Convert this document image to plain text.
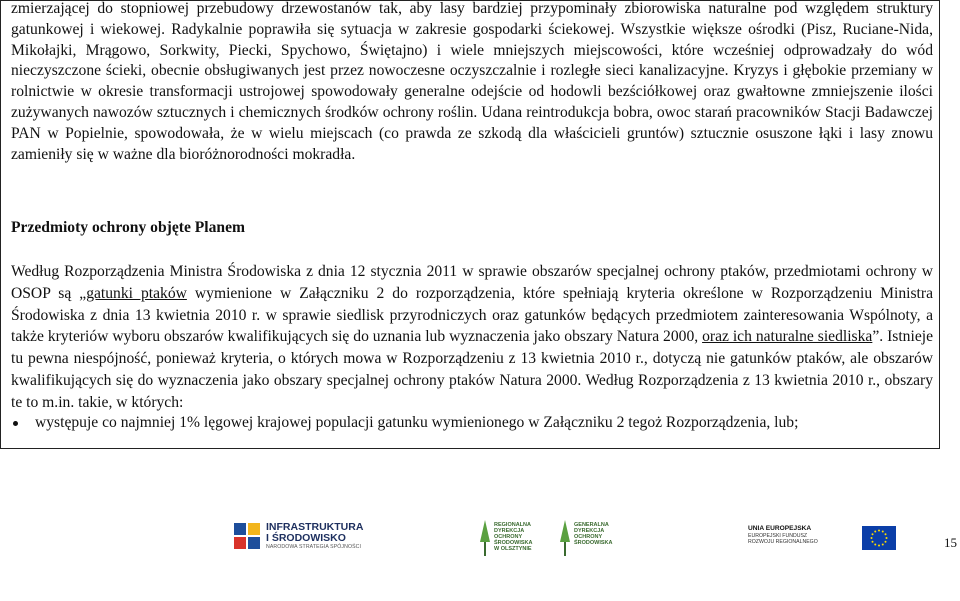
zmierzającej do stopniowej przebudowy drzewostanów tak, aby lasy bardziej przypominały zbiorowiska naturalne pod względem struktury gatunkowej i wiekowej. Radykalnie poprawiła się sytuacja w zakresie gospodarki ściekowej. Wszystkie większe ośrodki (Pisz, Ruciane-Nida, Mikołajki, Mrągowo, Sorkwity, Piecki, Spychowo, Świętajno) i wiele mniejszych miejscowości, które wcześniej odprowadzały do wód nieczyszczone ścieki, obecnie obsługiwanych jest przez nowoczesne oczyszczalnie i rozległe sieci kanalizacyjne. Kryzys i głębokie przemiany w rolnictwie w okresie transformacji ustrojowej spowodowały generalne odejście od hodowli bezściółkowej oraz gwałtowne zmniejszenie ilości zużywanych nawozów sztucznych i chemicznych środków ochrony roślin. Udana reintrodukcja bobra, owoc starań pracowników Stacji Badawczej PAN w Popielnie, spowodowała, że w wielu miejscach (co prawda ze szkodą dla właścicieli gruntów) sztucznie osuszone łąki i lasy znowu zamieniły się w ważne dla bioróżnorodności mokradła.

Przedmioty ochrony objęte Planem

Według Rozporządzenia Ministra Środowiska z dnia 12 stycznia 2011 w sprawie obszarów specjalnej ochrony ptaków, przedmiotami ochrony w OSOP są „gatunki ptaków wymienione w Załączniku 2 do rozporządzenia, które spełniają kryteria określone w Rozporządzeniu Ministra Środowiska z dnia 13 kwietnia 2010 r. w sprawie siedlisk przyrodniczych oraz gatunków będących przedmiotem zainteresowania Wspólnoty, a także kryteriów wyboru obszarów kwalifikujących się do uznania lub wyznaczenia jako obszary Natura 2000, oraz ich naturalne siedliska”. Istnieje tu pewna niespójność, ponieważ kryteria, o których mowa w Rozporządzeniu z 13 kwietnia 2010 r., dotyczą nie gatunków ptaków, ale obszarów kwalifikujących się do wyznaczenia jako obszary specjalnej ochrony ptaków Natura 2000. Według Rozporządzenia z 13 kwietnia 2010 r., obszary te to m.in. takie, w których:

występuje co najmniej 1% lęgowej krajowej populacji gatunku wymienionego w Załączniku 2 tegoż Rozporządzenia, lub;
INFRASTRUKTURA
I ŚRODOWISKO
NARODOWA STRATEGIA SPÓJNOŚCI
REGIONALNA
DYREKCJA
OCHRONY
ŚRODOWISKA
W OLSZTYNIE
GENERALNA
DYREKCJA
OCHRONY
ŚRODOWISKA
UNIA EUROPEJSKA
EUROPEJSKI FUNDUSZ
ROZWOJU REGIONALNEGO	15
